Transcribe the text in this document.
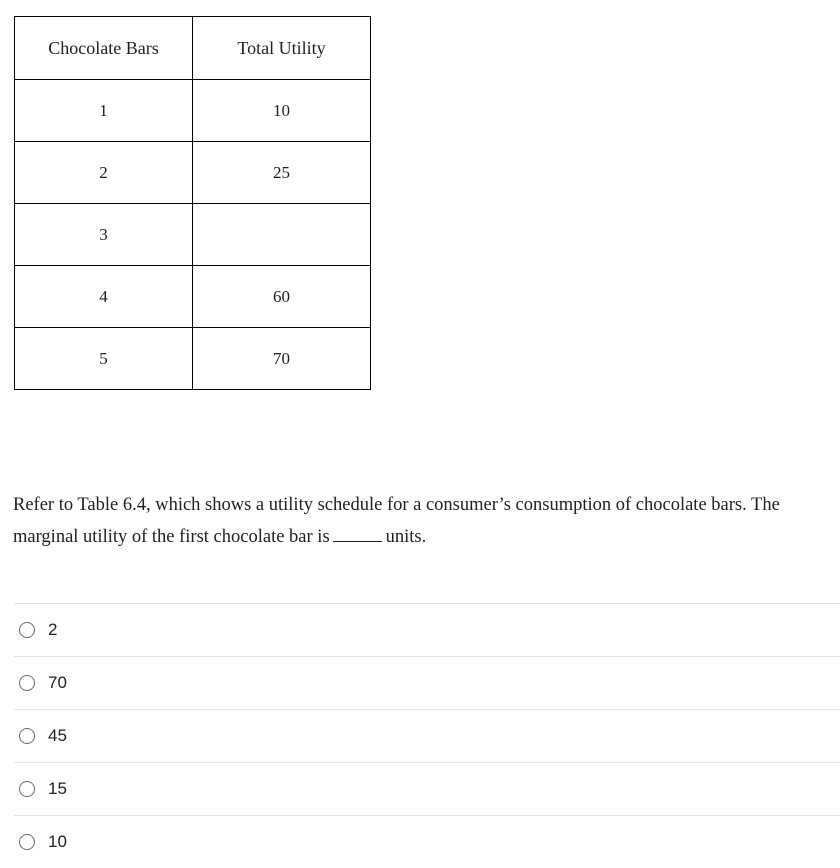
Chocolate Bars	Total Utility
1	10
2	25
3	
4	60
5	70

Refer to Table 6.4, which shows a utility schedule for a consumer’s consumption of chocolate bars. The marginal utility of the first chocolate bar is	units.

2
70
45
15
10
